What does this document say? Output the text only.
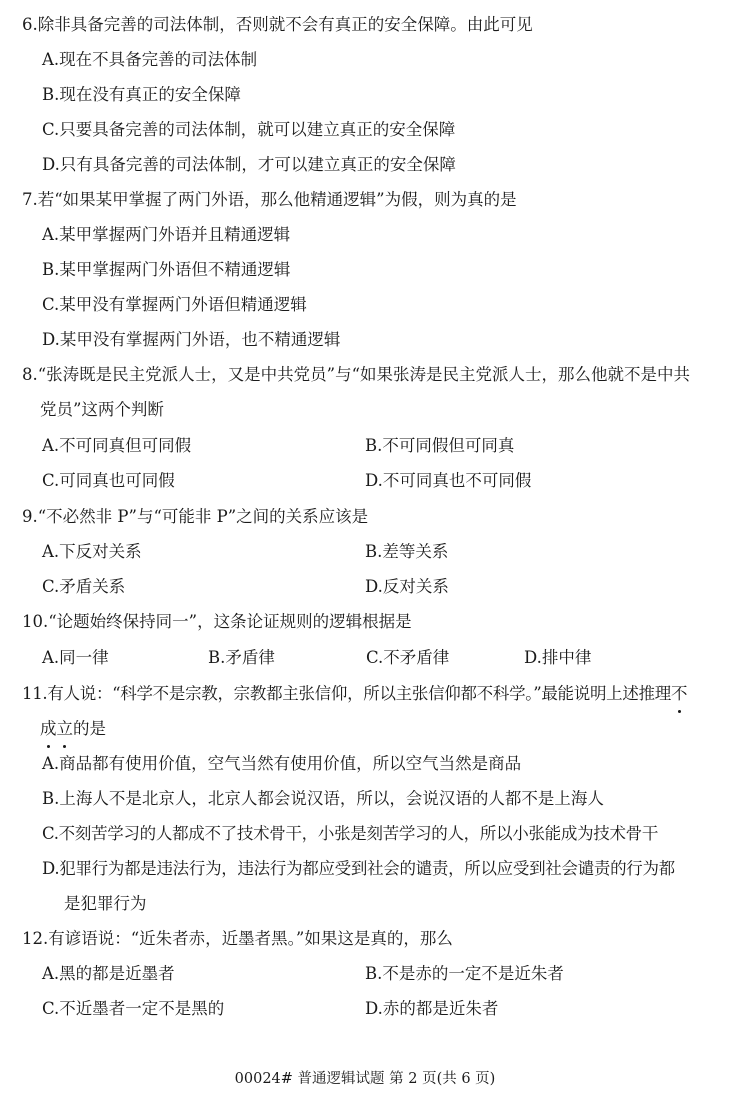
6.除非具备完善的司法体制，否则就不会有真正的安全保障。由此可见
A.现在不具备完善的司法体制
B.现在没有真正的安全保障
C.只要具备完善的司法体制，就可以建立真正的安全保障
D.只有具备完善的司法体制，才可以建立真正的安全保障
7.若“如果某甲掌握了两门外语，那么他精通逻辑”为假，则为真的是
A.某甲掌握两门外语并且精通逻辑
B.某甲掌握两门外语但不精通逻辑
C.某甲没有掌握两门外语但精通逻辑
D.某甲没有掌握两门外语，也不精通逻辑
8.“张涛既是民主党派人士，又是中共党员”与“如果张涛是民主党派人士，那么他就不是中共
党员”这两个判断
A.不可同真但可同假	B.不可同假但可同真
C.可同真也可同假	D.不可同真也不可同假
9.“不必然非 P”与“可能非 P”之间的关系应该是
A.下反对关系	B.差等关系
C.矛盾关系	D.反对关系
10.“论题始终保持同一”，这条论证规则的逻辑根据是
A.同一律	B.矛盾律	C.不矛盾律	D.排中律
11.有人说：“科学不是宗教，宗教都主张信仰，所以主张信仰都不科学。”最能说明上述推理不
成立的是
A.商品都有使用价值，空气当然有使用价值，所以空气当然是商品
B.上海人不是北京人，北京人都会说汉语，所以，会说汉语的人都不是上海人
C.不刻苦学习的人都成不了技术骨干，小张是刻苦学习的人，所以小张能成为技术骨干
D.犯罪行为都是违法行为，违法行为都应受到社会的谴责，所以应受到社会谴责的行为都
是犯罪行为
12.有谚语说：“近朱者赤，近墨者黑。”如果这是真的，那么
A.黑的都是近墨者	B.不是赤的一定不是近朱者
C.不近墨者一定不是黑的	D.赤的都是近朱者
00024# 普通逻辑试题 第 2 页(共 6 页)
